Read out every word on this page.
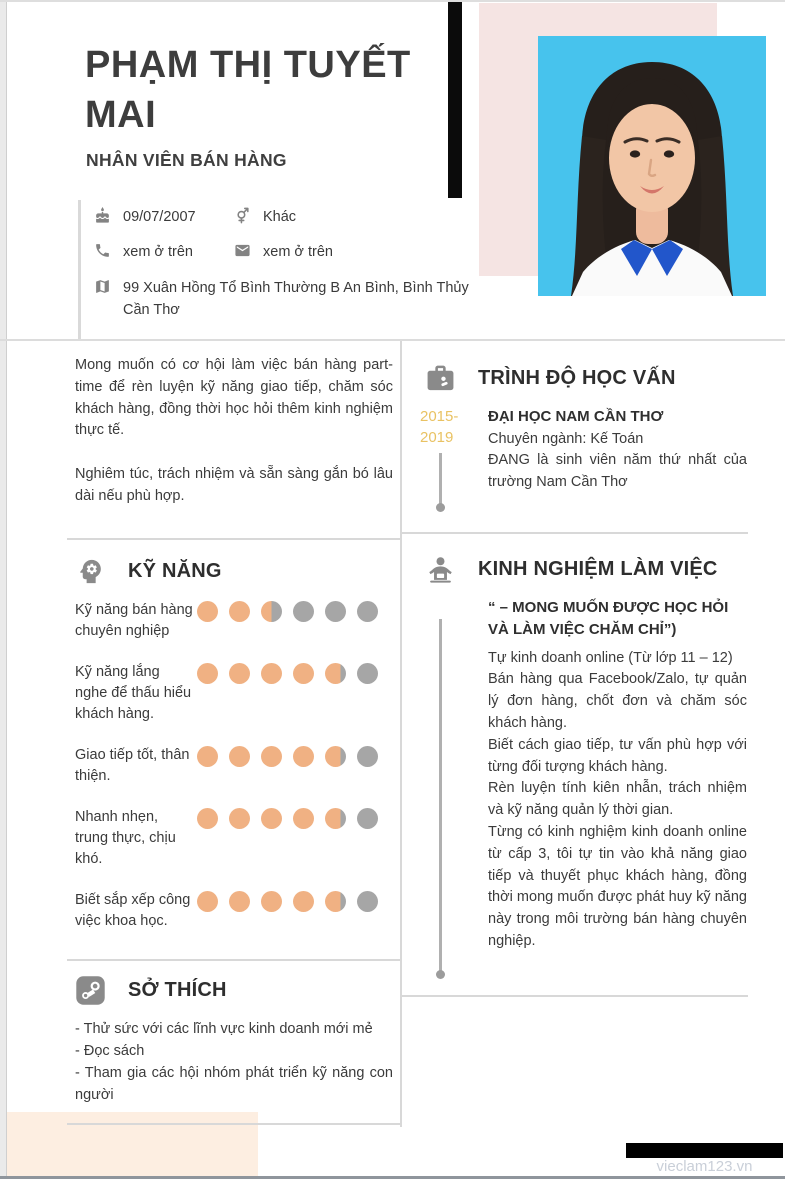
PHẠM THỊ TUYẾT MAI
NHÂN VIÊN BÁN HÀNG
09/07/2007	Khác
xem ở trên	xem ở trên
99 Xuân Hồng Tổ Bình Thường B An Bình, Bình Thủy Cần Thơ
Mong muốn có cơ hội làm việc bán hàng part-time để rèn luyện kỹ năng giao tiếp, chăm sóc khách hàng, đồng thời học hỏi thêm kinh nghiệm thực tế.
Nghiêm túc, trách nhiệm và sẵn sàng gắn bó lâu dài nếu phù hợp.
KỸ NĂNG
Kỹ năng bán hàng chuyên nghiệp
Kỹ năng lắng nghe để thấu hiểu khách hàng.
Giao tiếp tốt, thân thiện.
Nhanh nhẹn, trung thực, chịu khó.
Biết sắp xếp công việc khoa học.
SỞ THÍCH
- Thử sức với các lĩnh vực kinh doanh mới mẻ
- Đọc sách
- Tham gia các hội nhóm phát triển kỹ năng con người
TRÌNH ĐỘ HỌC VẤN
2015-
2019
ĐẠI HỌC NAM CẦN THƠ
Chuyên ngành: Kế Toán
ĐANG là sinh viên năm thứ nhất của trường Nam Cần Thơ
KINH NGHIỆM LÀM VIỆC
“ – MONG MUỐN ĐƯỢC HỌC HỎI VÀ LÀM VIỆC CHĂM CHỈ”)
Tự kinh doanh online (Từ lớp 11 – 12)
Bán hàng qua Facebook/Zalo, tự quản lý đơn hàng, chốt đơn và chăm sóc khách hàng.
Biết cách giao tiếp, tư vấn phù hợp với từng đối tượng khách hàng.
Rèn luyện tính kiên nhẫn, trách nhiệm và kỹ năng quản lý thời gian.
Từng có kinh nghiệm kinh doanh online từ cấp 3, tôi tự tin vào khả năng giao tiếp và thuyết phục khách hàng, đồng thời mong muốn được phát huy kỹ năng này trong môi trường bán hàng chuyên nghiệp.
vieclam123.vn
